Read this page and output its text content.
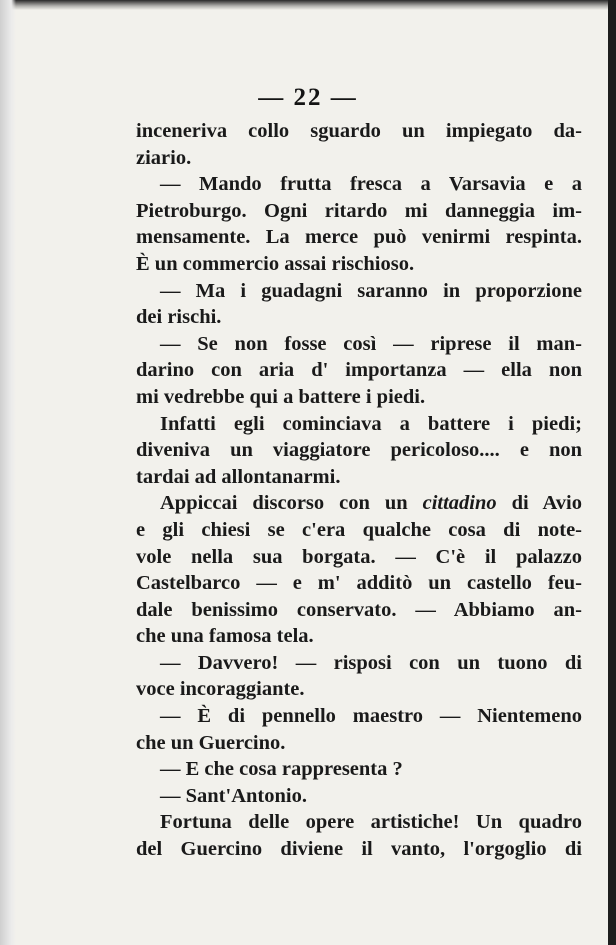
— 22 —
inceneriva collo sguardo un impiegato da-
ziario.
— Mando frutta fresca a Varsavia e a
Pietroburgo. Ogni ritardo mi danneggia im-
mensamente. La merce può venirmi respinta.
È un commercio assai rischioso.
— Ma i guadagni saranno in proporzione
dei rischi.
— Se non fosse così — riprese il man-
darino con aria d' importanza — ella non
mi vedrebbe qui a battere i piedi.
Infatti egli cominciava a battere i piedi;
diveniva un viaggiatore pericoloso.... e non
tardai ad allontanarmi.
Appiccai discorso con un cittadino di Avio
e gli chiesi se c'era qualche cosa di note-
vole nella sua borgata. — C'è il palazzo
Castelbarco — e m' additò un castello feu-
dale benissimo conservato. — Abbiamo an-
che una famosa tela.
— Davvero! — risposi con un tuono di
voce incoraggiante.
— È di pennello maestro — Nientemeno
che un Guercino.
— E che cosa rappresenta ?
— Sant'Antonio.
Fortuna delle opere artistiche! Un quadro
del Guercino diviene il vanto, l'orgoglio di
